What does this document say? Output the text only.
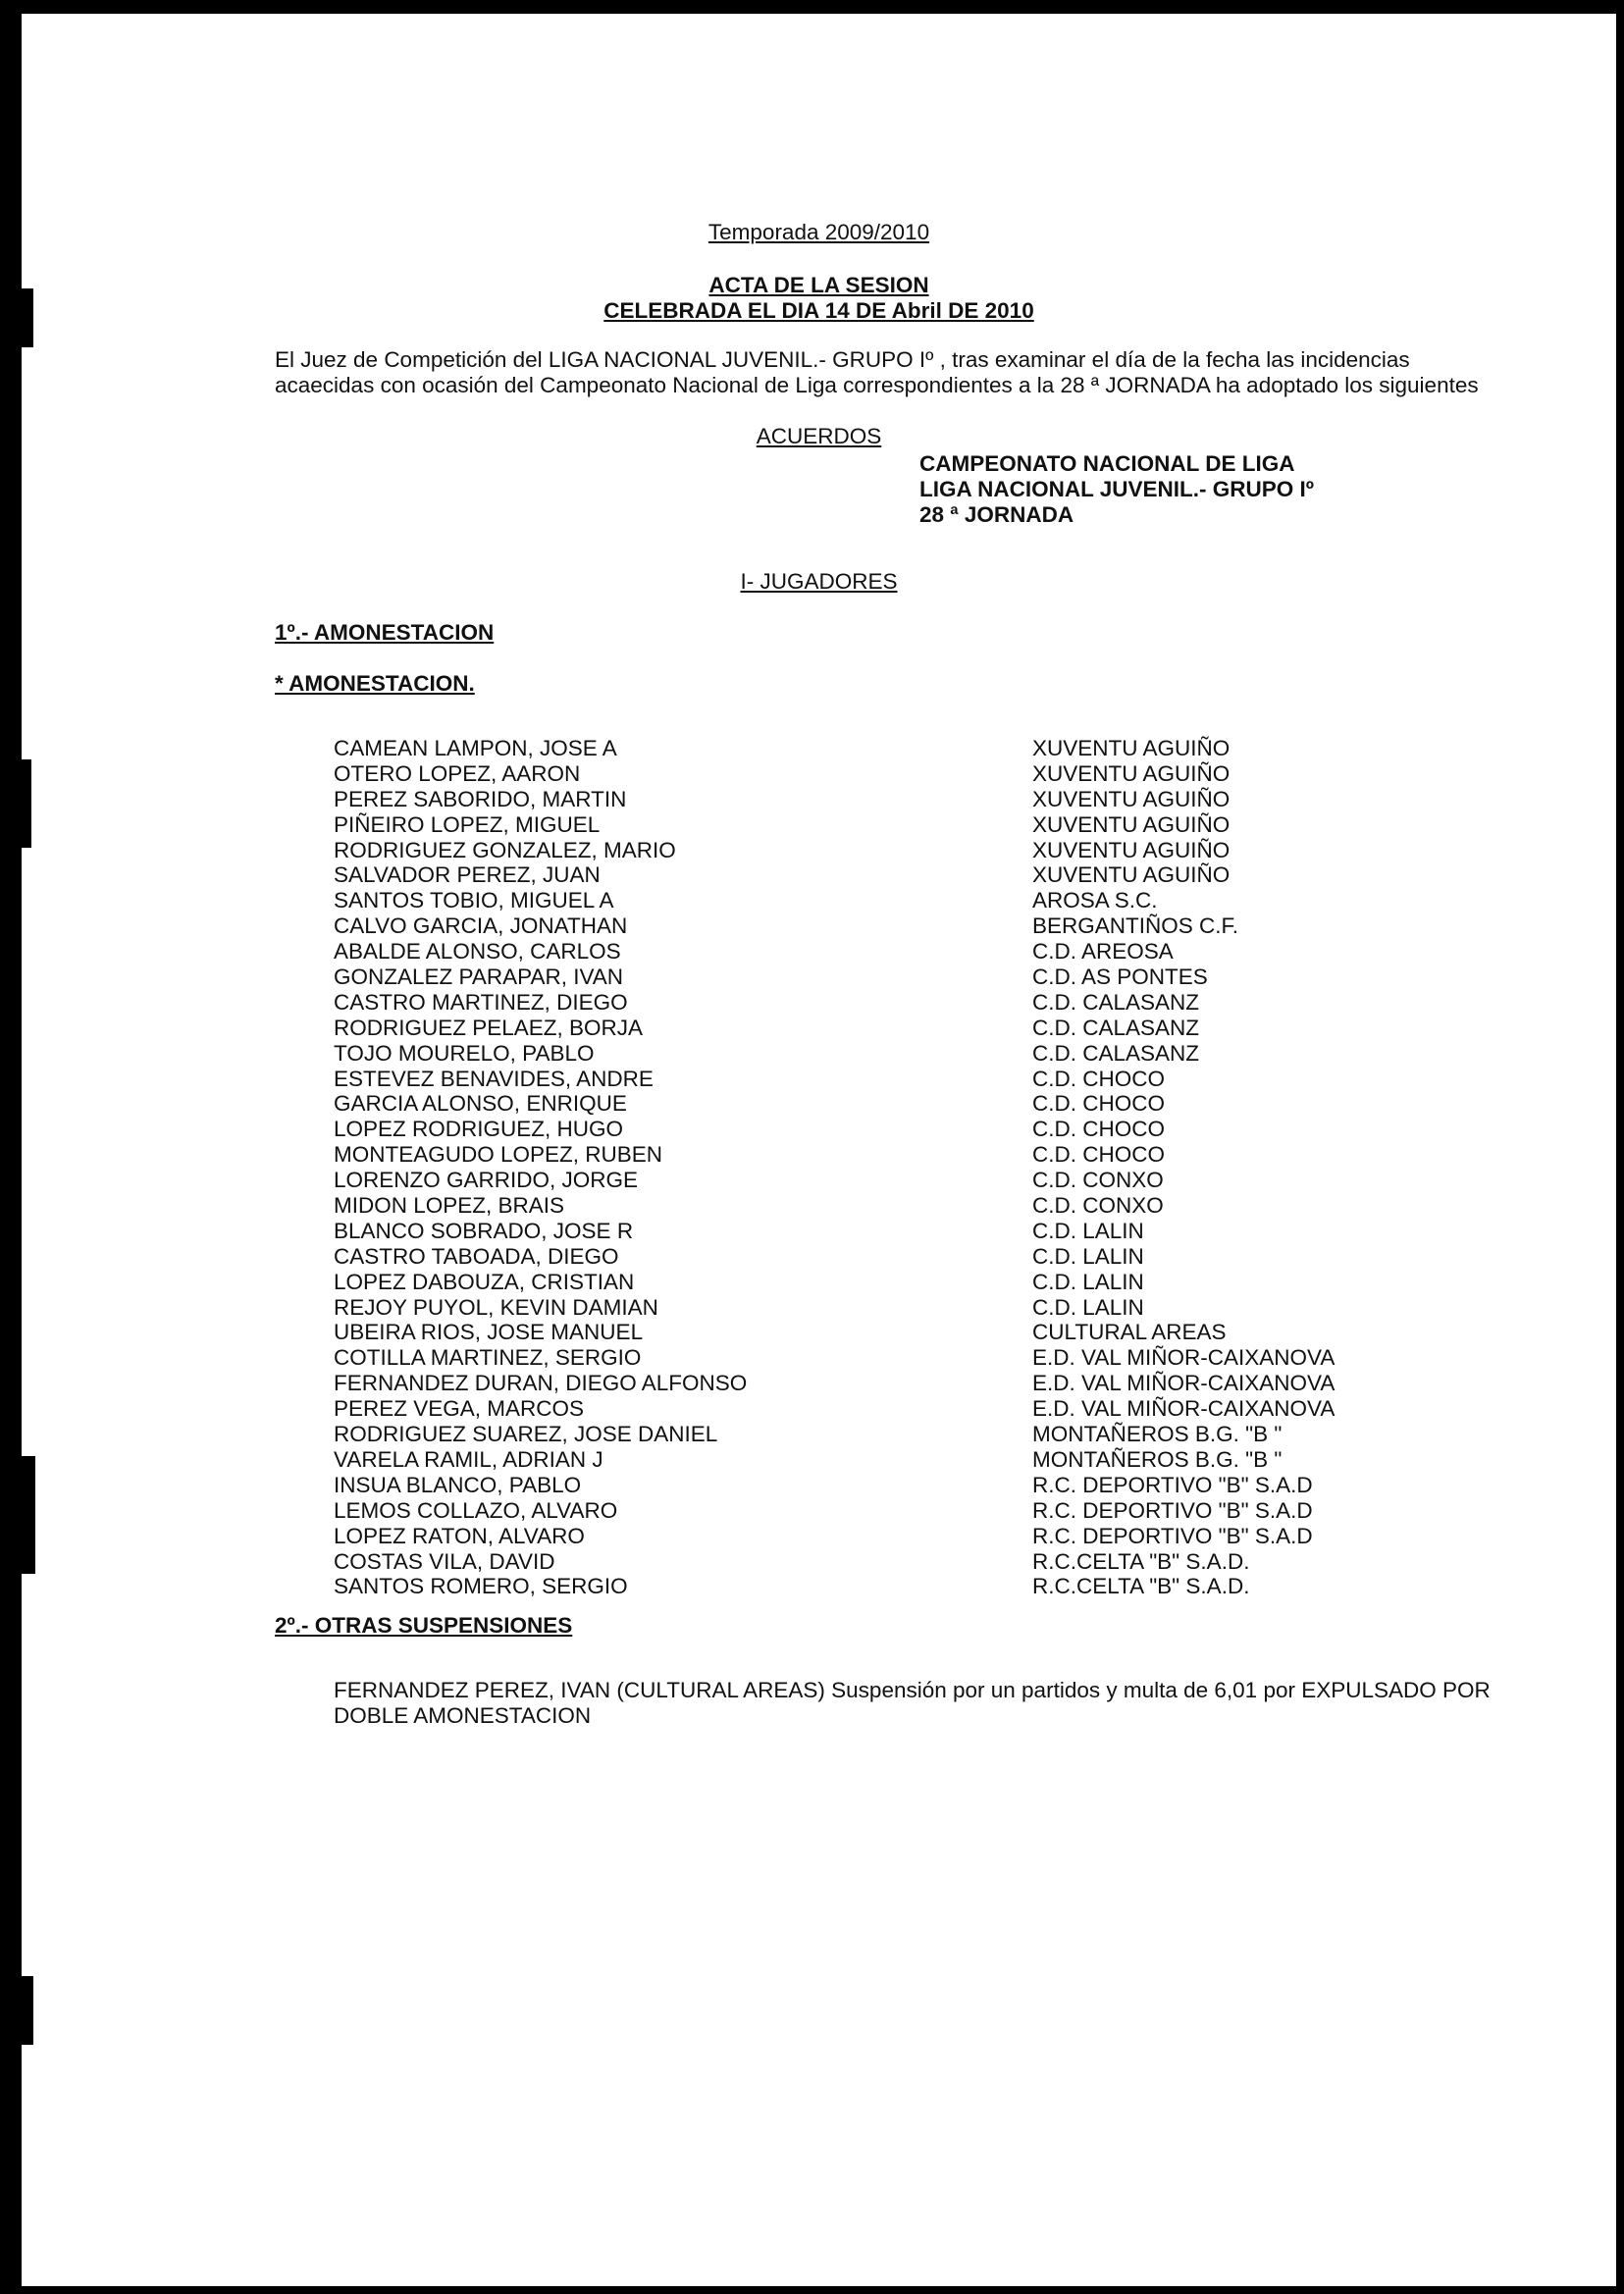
Temporada 2009/2010
ACTA DE LA SESION
CELEBRADA EL DIA 14 DE Abril DE 2010
El Juez de Competición del LIGA NACIONAL JUVENIL.- GRUPO Iº , tras examinar el día de la fecha las incidencias
acaecidas con ocasión del Campeonato Nacional de Liga correspondientes a la 28 ª JORNADA ha adoptado los siguientes
ACUERDOS
CAMPEONATO NACIONAL DE LIGA
LIGA NACIONAL JUVENIL.- GRUPO Iº
28 ª JORNADA
I- JUGADORES
1º.- AMONESTACION
* AMONESTACION.
CAMEAN LAMPON, JOSE A	XUVENTU AGUIÑO
OTERO LOPEZ, AARON	XUVENTU AGUIÑO
PEREZ SABORIDO, MARTIN	XUVENTU AGUIÑO
PIÑEIRO LOPEZ, MIGUEL	XUVENTU AGUIÑO
RODRIGUEZ GONZALEZ, MARIO	XUVENTU AGUIÑO
SALVADOR PEREZ, JUAN	XUVENTU AGUIÑO
SANTOS TOBIO, MIGUEL A	AROSA S.C.
CALVO GARCIA, JONATHAN	BERGANTIÑOS C.F.
ABALDE ALONSO, CARLOS	C.D. AREOSA
GONZALEZ PARAPAR, IVAN	C.D. AS PONTES
CASTRO MARTINEZ, DIEGO	C.D. CALASANZ
RODRIGUEZ PELAEZ, BORJA	C.D. CALASANZ
TOJO MOURELO, PABLO	C.D. CALASANZ
ESTEVEZ BENAVIDES, ANDRE	C.D. CHOCO
GARCIA ALONSO, ENRIQUE	C.D. CHOCO
LOPEZ RODRIGUEZ, HUGO	C.D. CHOCO
MONTEAGUDO LOPEZ, RUBEN	C.D. CHOCO
LORENZO GARRIDO, JORGE	C.D. CONXO
MIDON LOPEZ, BRAIS	C.D. CONXO
BLANCO SOBRADO, JOSE R	C.D. LALIN
CASTRO TABOADA, DIEGO	C.D. LALIN
LOPEZ DABOUZA, CRISTIAN	C.D. LALIN
REJOY PUYOL, KEVIN DAMIAN	C.D. LALIN
UBEIRA RIOS, JOSE MANUEL	CULTURAL AREAS
COTILLA MARTINEZ, SERGIO	E.D. VAL MIÑOR-CAIXANOVA
FERNANDEZ DURAN, DIEGO ALFONSO	E.D. VAL MIÑOR-CAIXANOVA
PEREZ VEGA, MARCOS	E.D. VAL MIÑOR-CAIXANOVA
RODRIGUEZ SUAREZ, JOSE DANIEL	MONTAÑEROS B.G. "B "
VARELA RAMIL, ADRIAN J	MONTAÑEROS B.G. "B "
INSUA BLANCO, PABLO	R.C. DEPORTIVO "B" S.A.D
LEMOS COLLAZO, ALVARO	R.C. DEPORTIVO "B" S.A.D
LOPEZ RATON, ALVARO	R.C. DEPORTIVO "B" S.A.D
COSTAS VILA, DAVID	R.C.CELTA "B" S.A.D.
SANTOS ROMERO, SERGIO	R.C.CELTA "B" S.A.D.
2º.- OTRAS SUSPENSIONES
FERNANDEZ PEREZ, IVAN (CULTURAL AREAS) Suspensión por un partidos y multa de 6,01 por EXPULSADO POR
DOBLE AMONESTACION
